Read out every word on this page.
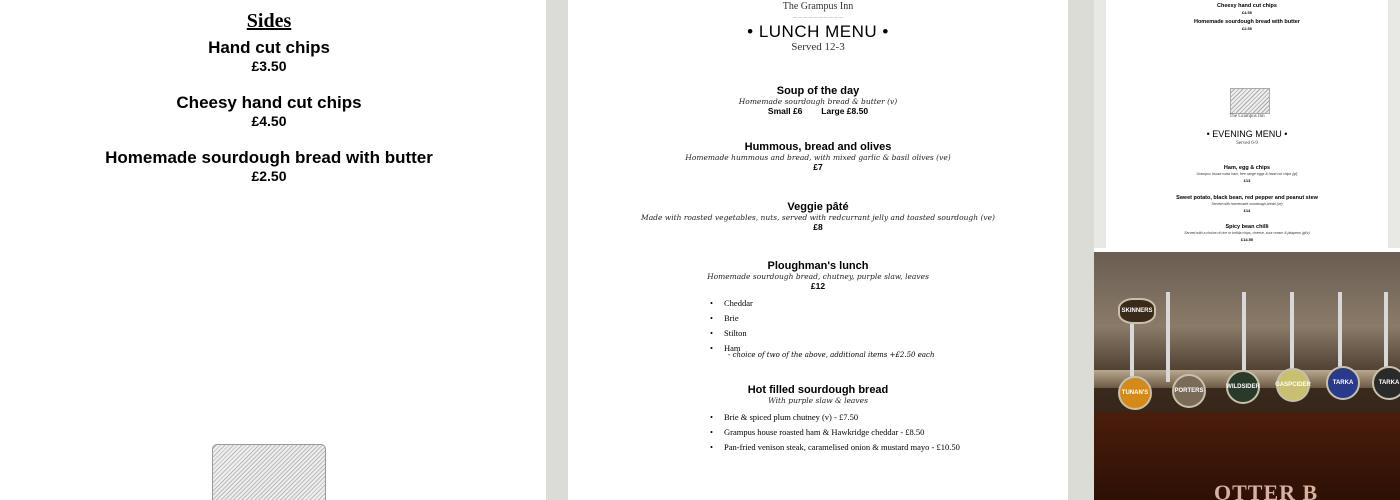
Sides
Hand cut chips
£3.50
Cheesy hand cut chips
£4.50
Homemade sourdough bread with butter
£2.50
The Grampus Inn
— — — — — — — — — —
• LUNCH MENU •
Served 12-3
Soup of the day
Homemade sourdough bread & butter (v)
Small £6        Large £8.50
Hummous, bread and olives
Homemade hummous and bread, with mixed garlic & basil olives (ve)
£7
Veggie pâté
Made with roasted vegetables, nuts, served with redcurrant jelly and toasted sourdough (ve)
£8
Ploughman's lunch
Homemade sourdough bread, chutney, purple slaw, leaves
£12
• Cheddar
• Brie
• Stilton
• Ham
- choice of two of the above, additional items +£2.50 each
Hot filled sourdough bread
With purple slaw & leaves
• Brie & spiced plum chutney (v) - £7.50
• Grampus house roasted ham & Hawkridge cheddar - £8.50
• Pan-fried venison steak, caramelised onion & mustard mayo - £10.50
Cheesy hand cut chips
£4.50
Homemade sourdough bread with butter
£2.50
The Grampus Inn
• EVENING MENU •
Served 6-9
Ham, egg & chips
Grampus house roast ham, free range eggs & hand cut chips (gf)
£13
Sweet potato, black bean, red pepper and peanut stew
Served with homemade sourdough bread (ve)
£14
Spicy bean chilli
Served with a choice of rice or tortilla chips, cheese, sour cream & jalapeno (gf/v)
£14.50
SKINNERS
TUNAN'S	PORTERS
WILDSIDER	GASPCIDER	TARKA	TARKA
OTTER B
